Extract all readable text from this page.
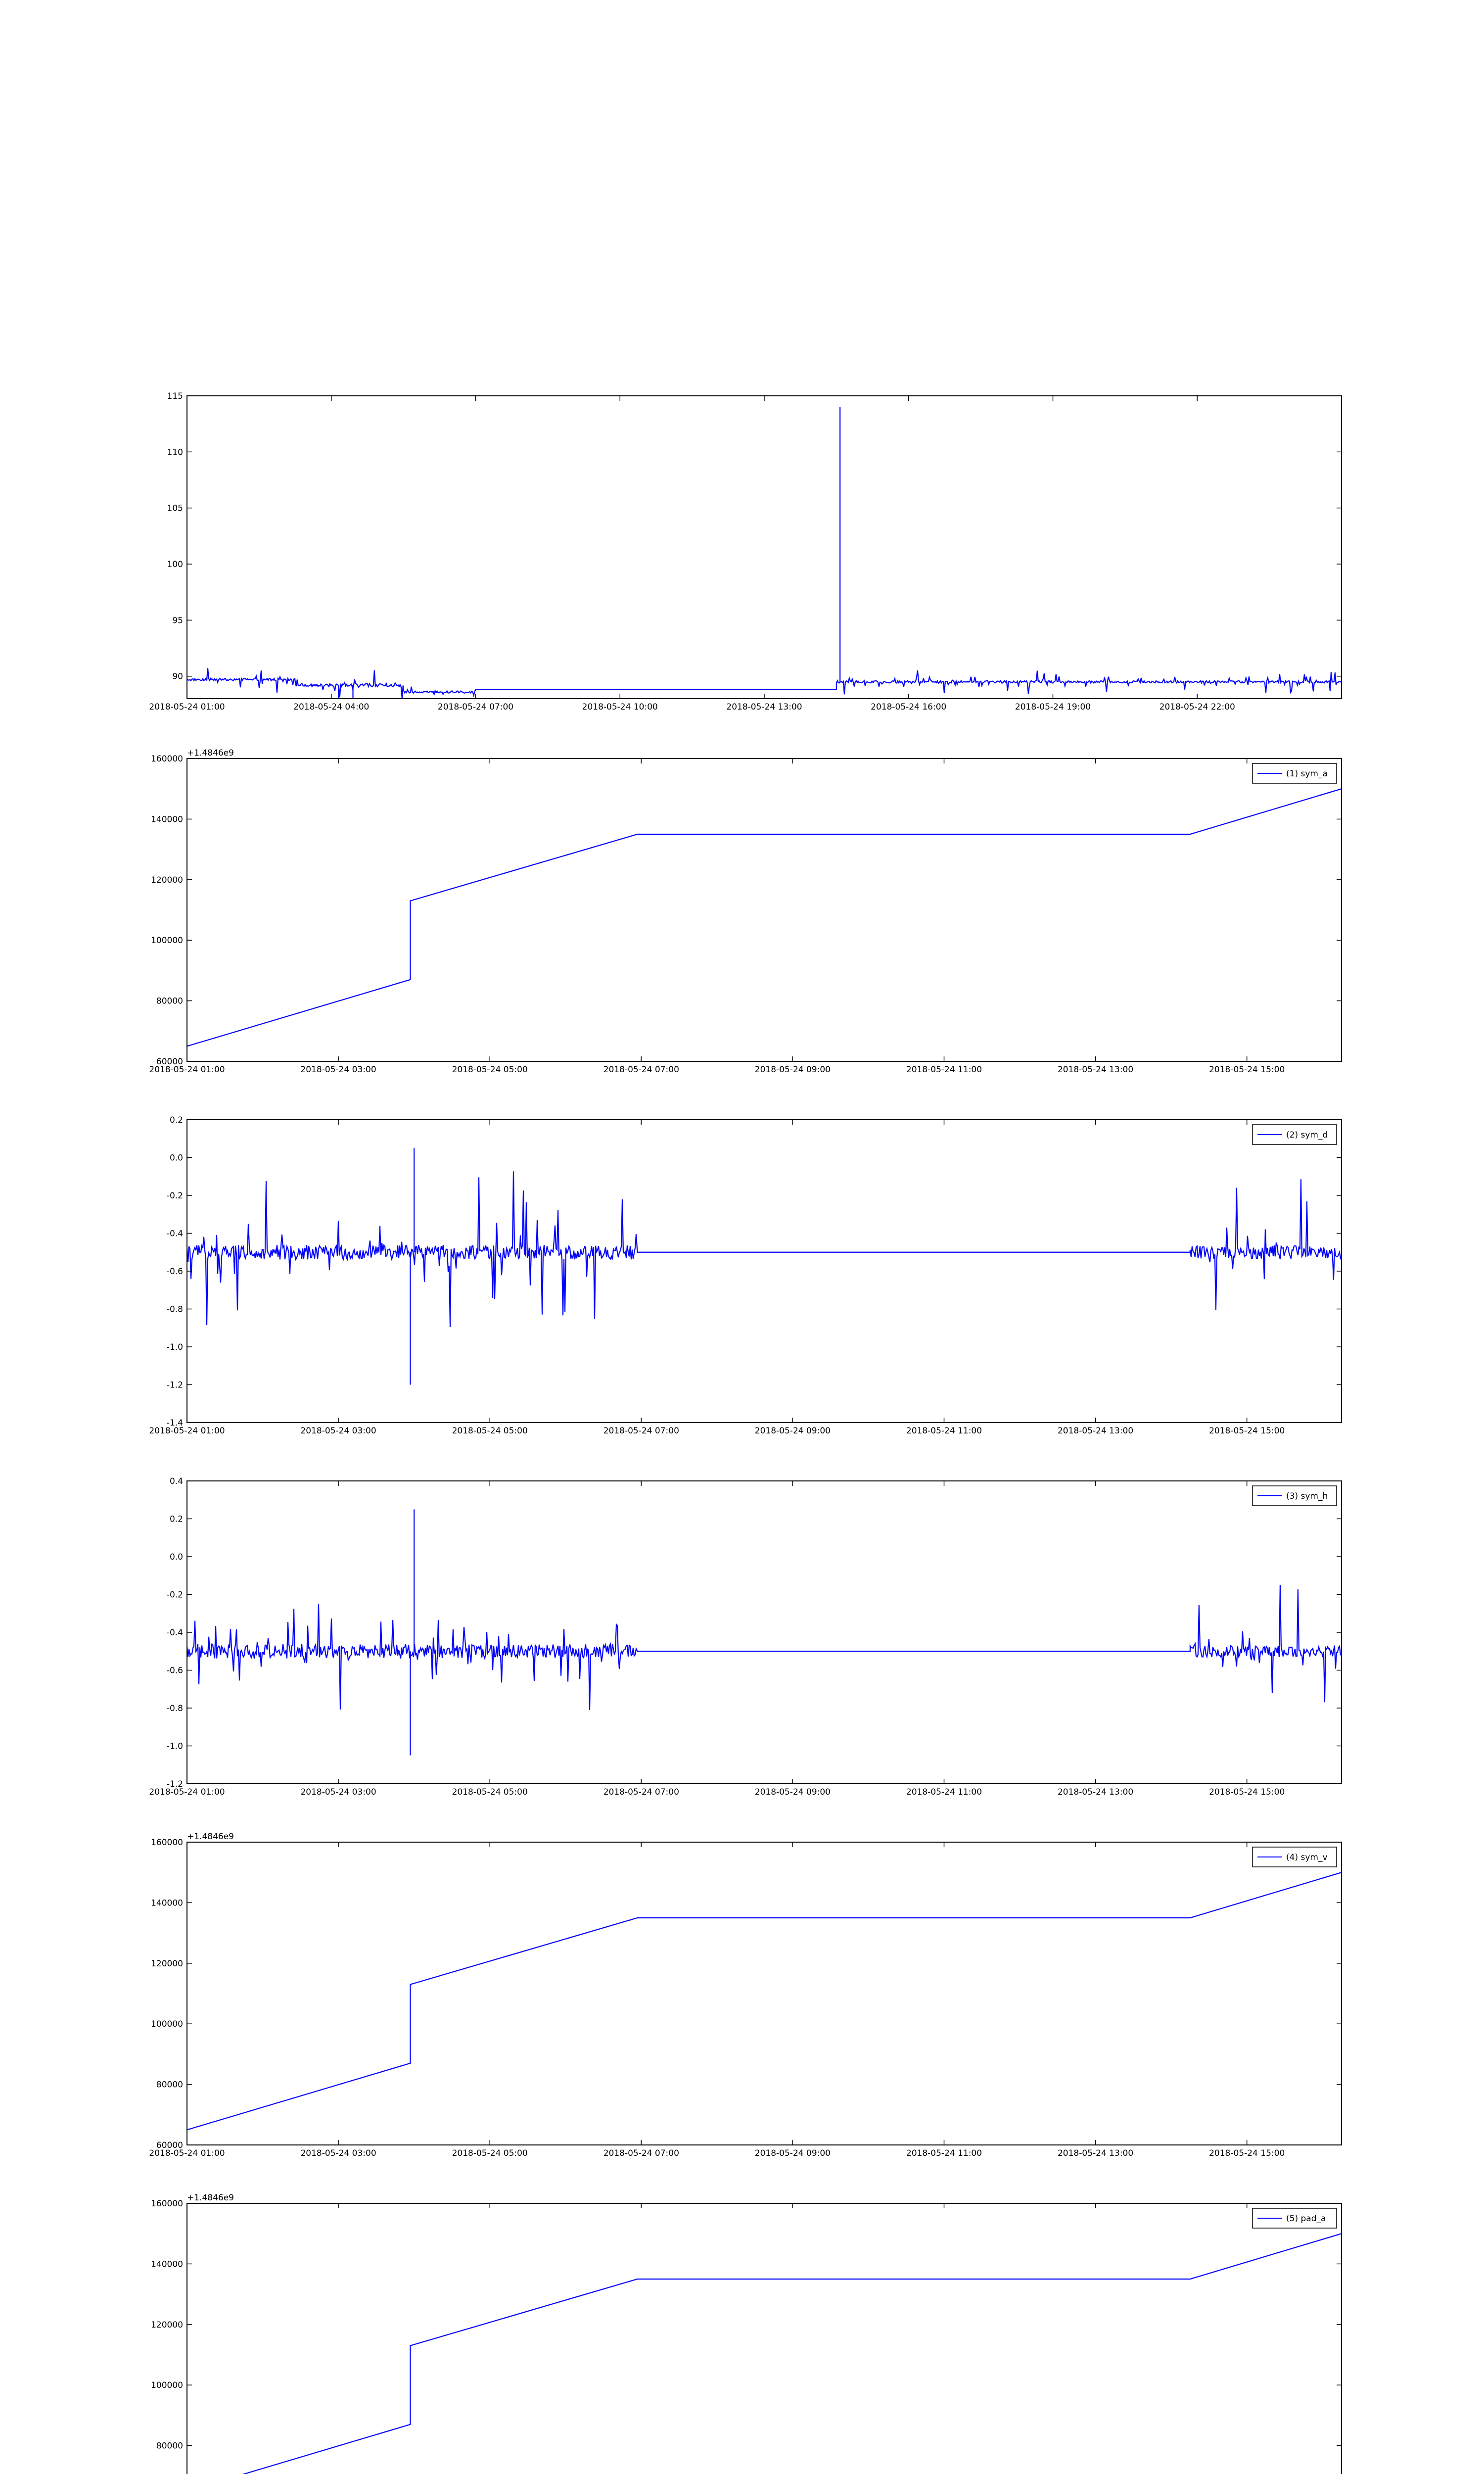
90
95
100
105
110
115
2018-05-24 01:00	2018-05-24 04:00	2018-05-24 07:00	2018-05-24 10:00	2018-05-24 13:00	2018-05-24 16:00	2018-05-24 19:00	2018-05-24 22:00
60000
80000
100000
120000
140000
160000
2018-05-24 01:00	2018-05-24 03:00	2018-05-24 05:00	2018-05-24 07:00	2018-05-24 09:00	2018-05-24 11:00	2018-05-24 13:00	2018-05-24 15:00
+1.4846e9
(1) sym_a
-1.4
-1.2
-1.0
-0.8
-0.6
-0.4
-0.2
0.0
0.2
2018-05-24 01:00	2018-05-24 03:00	2018-05-24 05:00	2018-05-24 07:00	2018-05-24 09:00	2018-05-24 11:00	2018-05-24 13:00	2018-05-24 15:00
(2) sym_d
-1.2
-1.0
-0.8
-0.6
-0.4
-0.2
0.0
0.2
0.4
2018-05-24 01:00	2018-05-24 03:00	2018-05-24 05:00	2018-05-24 07:00	2018-05-24 09:00	2018-05-24 11:00	2018-05-24 13:00	2018-05-24 15:00
(3) sym_h
60000
80000
100000
120000
140000
160000
2018-05-24 01:00	2018-05-24 03:00	2018-05-24 05:00	2018-05-24 07:00	2018-05-24 09:00	2018-05-24 11:00	2018-05-24 13:00	2018-05-24 15:00
+1.4846e9
(4) sym_v
80000
100000
120000
140000
160000
+1.4846e9
(5) pad_a
